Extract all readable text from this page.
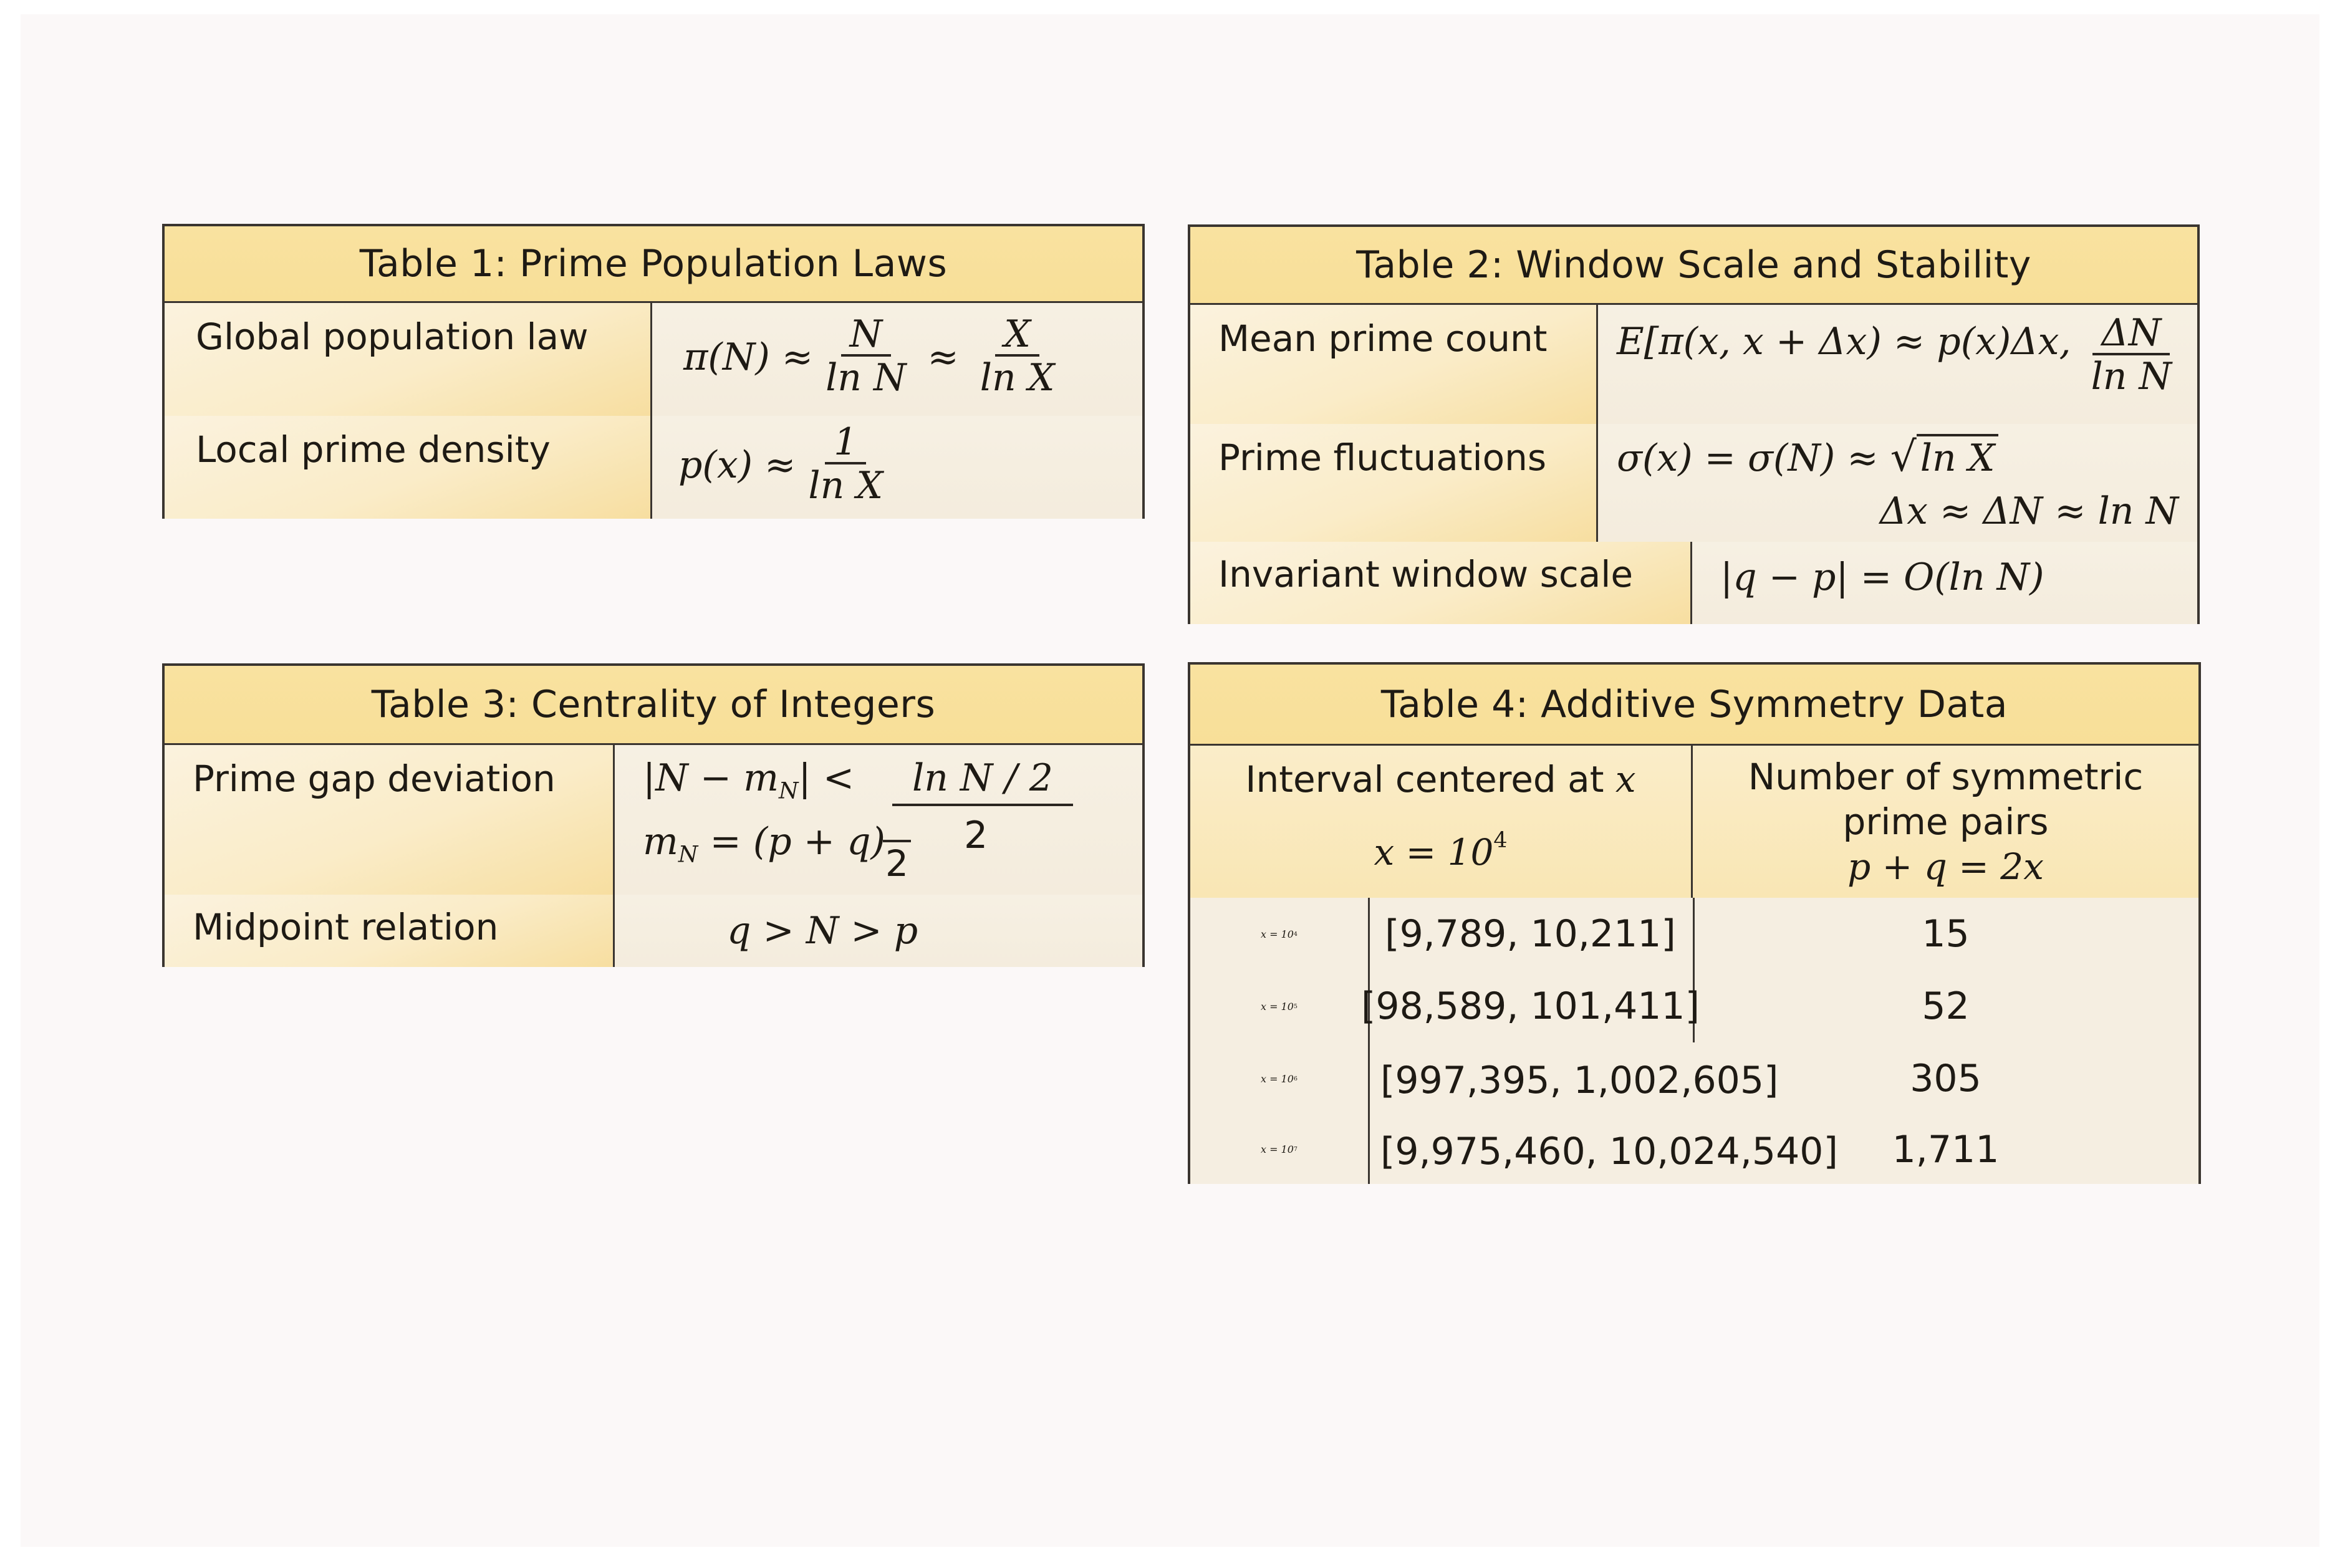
Table 1: Prime Population Laws
Global population law	$\pi(N) \approx \frac{N}{\text{ln N}} \approx \frac{X}{\text{ln X}}$
Local prime density	$p(x) \approx \frac{1}{\text{ln X}}$
Table 2: Window Scale and Stability
Mean prime count	E[π(x, x + Δx) ≈ p(x)Δx, $\frac{\Delta N}{\text{ln N}}$
Prime fluctuations	σ(x) = σ(N) ≈ √ ln X
Δx ≈ ΔN ≈ ln N
Invariant window scale	|q − p| = O(ln N)
Table 3: Centrality of Integers
Prime gap deviation	$|N - m_N|$ <	ln N / 2
2
$m_N = (p + q)$ 2
Midpoint relation	q > N > p
Table 4: Additive Symmetry Data
Interval centered at x
$x = 10^4$
Number of symmetric
prime pairs
p + q = 2x
x = 10 4	[9,789, 10,211]	15
x = 10 5 [98,589, 101,411]	52
x = 10 6 [997,395, 1,002,605]	305
x = 10 7 [9,975,460, 10,024,540]	1,711
